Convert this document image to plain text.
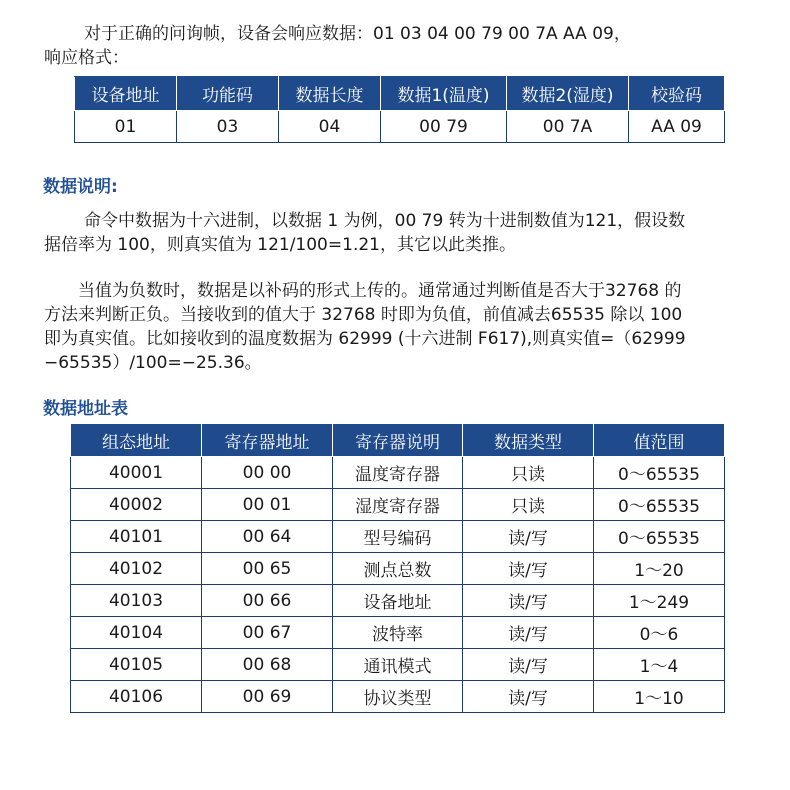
对于正确的问询帧，设备会响应数据：01 03 04 00 79 00 7A AA 09，
响应格式：
设备地址	功能码	数据长度	数据1(温度)	数据2(湿度)	校验码
01	03	04	00 79	00 7A	AA 09
数据说明:
命令中数据为十六进制，以数据 1 为例，00 79 转为十进制数值为121，假设数
据倍率为 100，则真实值为 121/100=1.21，其它以此类推。
当值为负数时，数据是以补码的形式上传的。通常通过判断值是否大于32768 的
方法来判断正负。当接收到的值大于 32768 时即为负值，前值减去65535 除以 100
即为真实值。比如接收到的温度数据为 62999 (十六进制 F617),则真实值=（62999
−65535）/100=−25.36。
数据地址表
组态地址	寄存器地址	寄存器说明	数据类型	值范围
40001	00 00	温度寄存器	只读	0～65535
40002	00 01	湿度寄存器	只读	0～65535
40101	00 64	型号编码	读/写	0～65535
40102	00 65	测点总数	读/写	1～20
40103	00 66	设备地址	读/写	1～249
40104	00 67	波特率	读/写	0～6
40105	00 68	通讯模式	读/写	1～4
40106	00 69	协议类型	读/写	1～10
